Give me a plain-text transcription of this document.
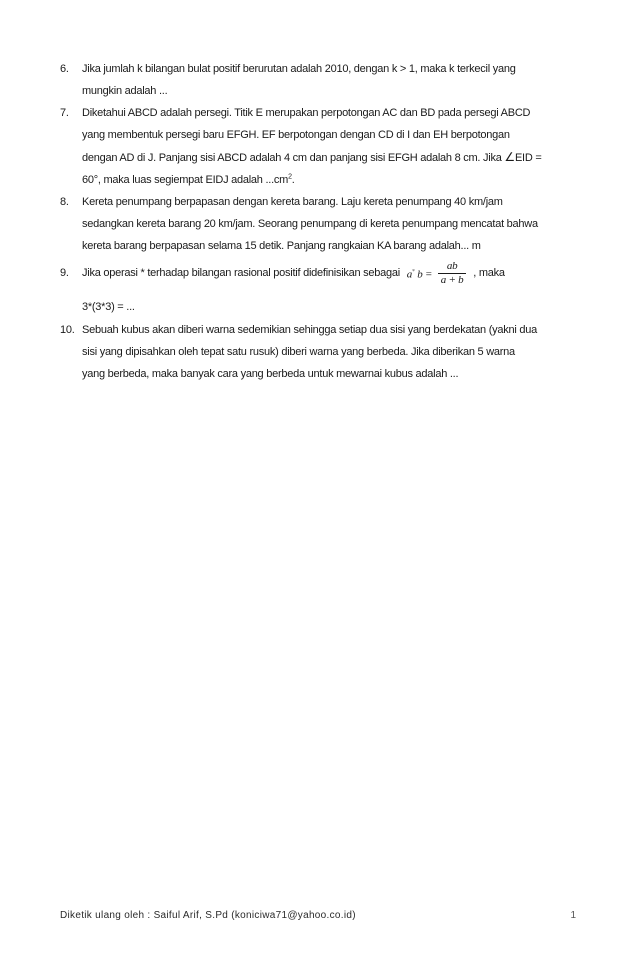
6.	Jika jumlah k bilangan bulat positif berurutan adalah 2010, dengan k > 1, maka k terkecil yang
mungkin adalah ...
7.	Diketahui ABCD adalah persegi. Titik E merupakan perpotongan AC dan BD pada persegi ABCD
yang membentuk persegi baru EFGH. EF berpotongan dengan CD di I dan EH berpotongan
dengan AD di J. Panjang sisi ABCD adalah 4 cm dan panjang sisi EFGH adalah 8 cm. Jika ∠EID =
60°, maka luas segiempat EIDJ adalah $...cm^2$.
8.	Kereta penumpang berpapasan dengan kereta barang. Laju kereta penumpang 40 km/jam
sedangkan kereta barang 20 km/jam. Seorang penumpang di kereta penumpang mencatat bahwa
kereta barang berpapasan selama 15 detik. Panjang rangkaian KA barang adalah... m
9.	Jika operasi * terhadap bilangan rasional positif didefinisikan sebagai a* $b = \frac{ab}{a + b}$ , maka
3*(3*3) = ...
10. Sebuah kubus akan diberi warna sedemikian sehingga setiap dua sisi yang berdekatan (yakni dua
sisi yang dipisahkan oleh tepat satu rusuk) diberi warna yang berbeda. Jika diberikan 5 warna
yang berbeda, maka banyak cara yang berbeda untuk mewarnai kubus adalah ...
Diketik ulang oleh : Saiful Arif, S.Pd (koniciwa71@yahoo.co.id)	1
